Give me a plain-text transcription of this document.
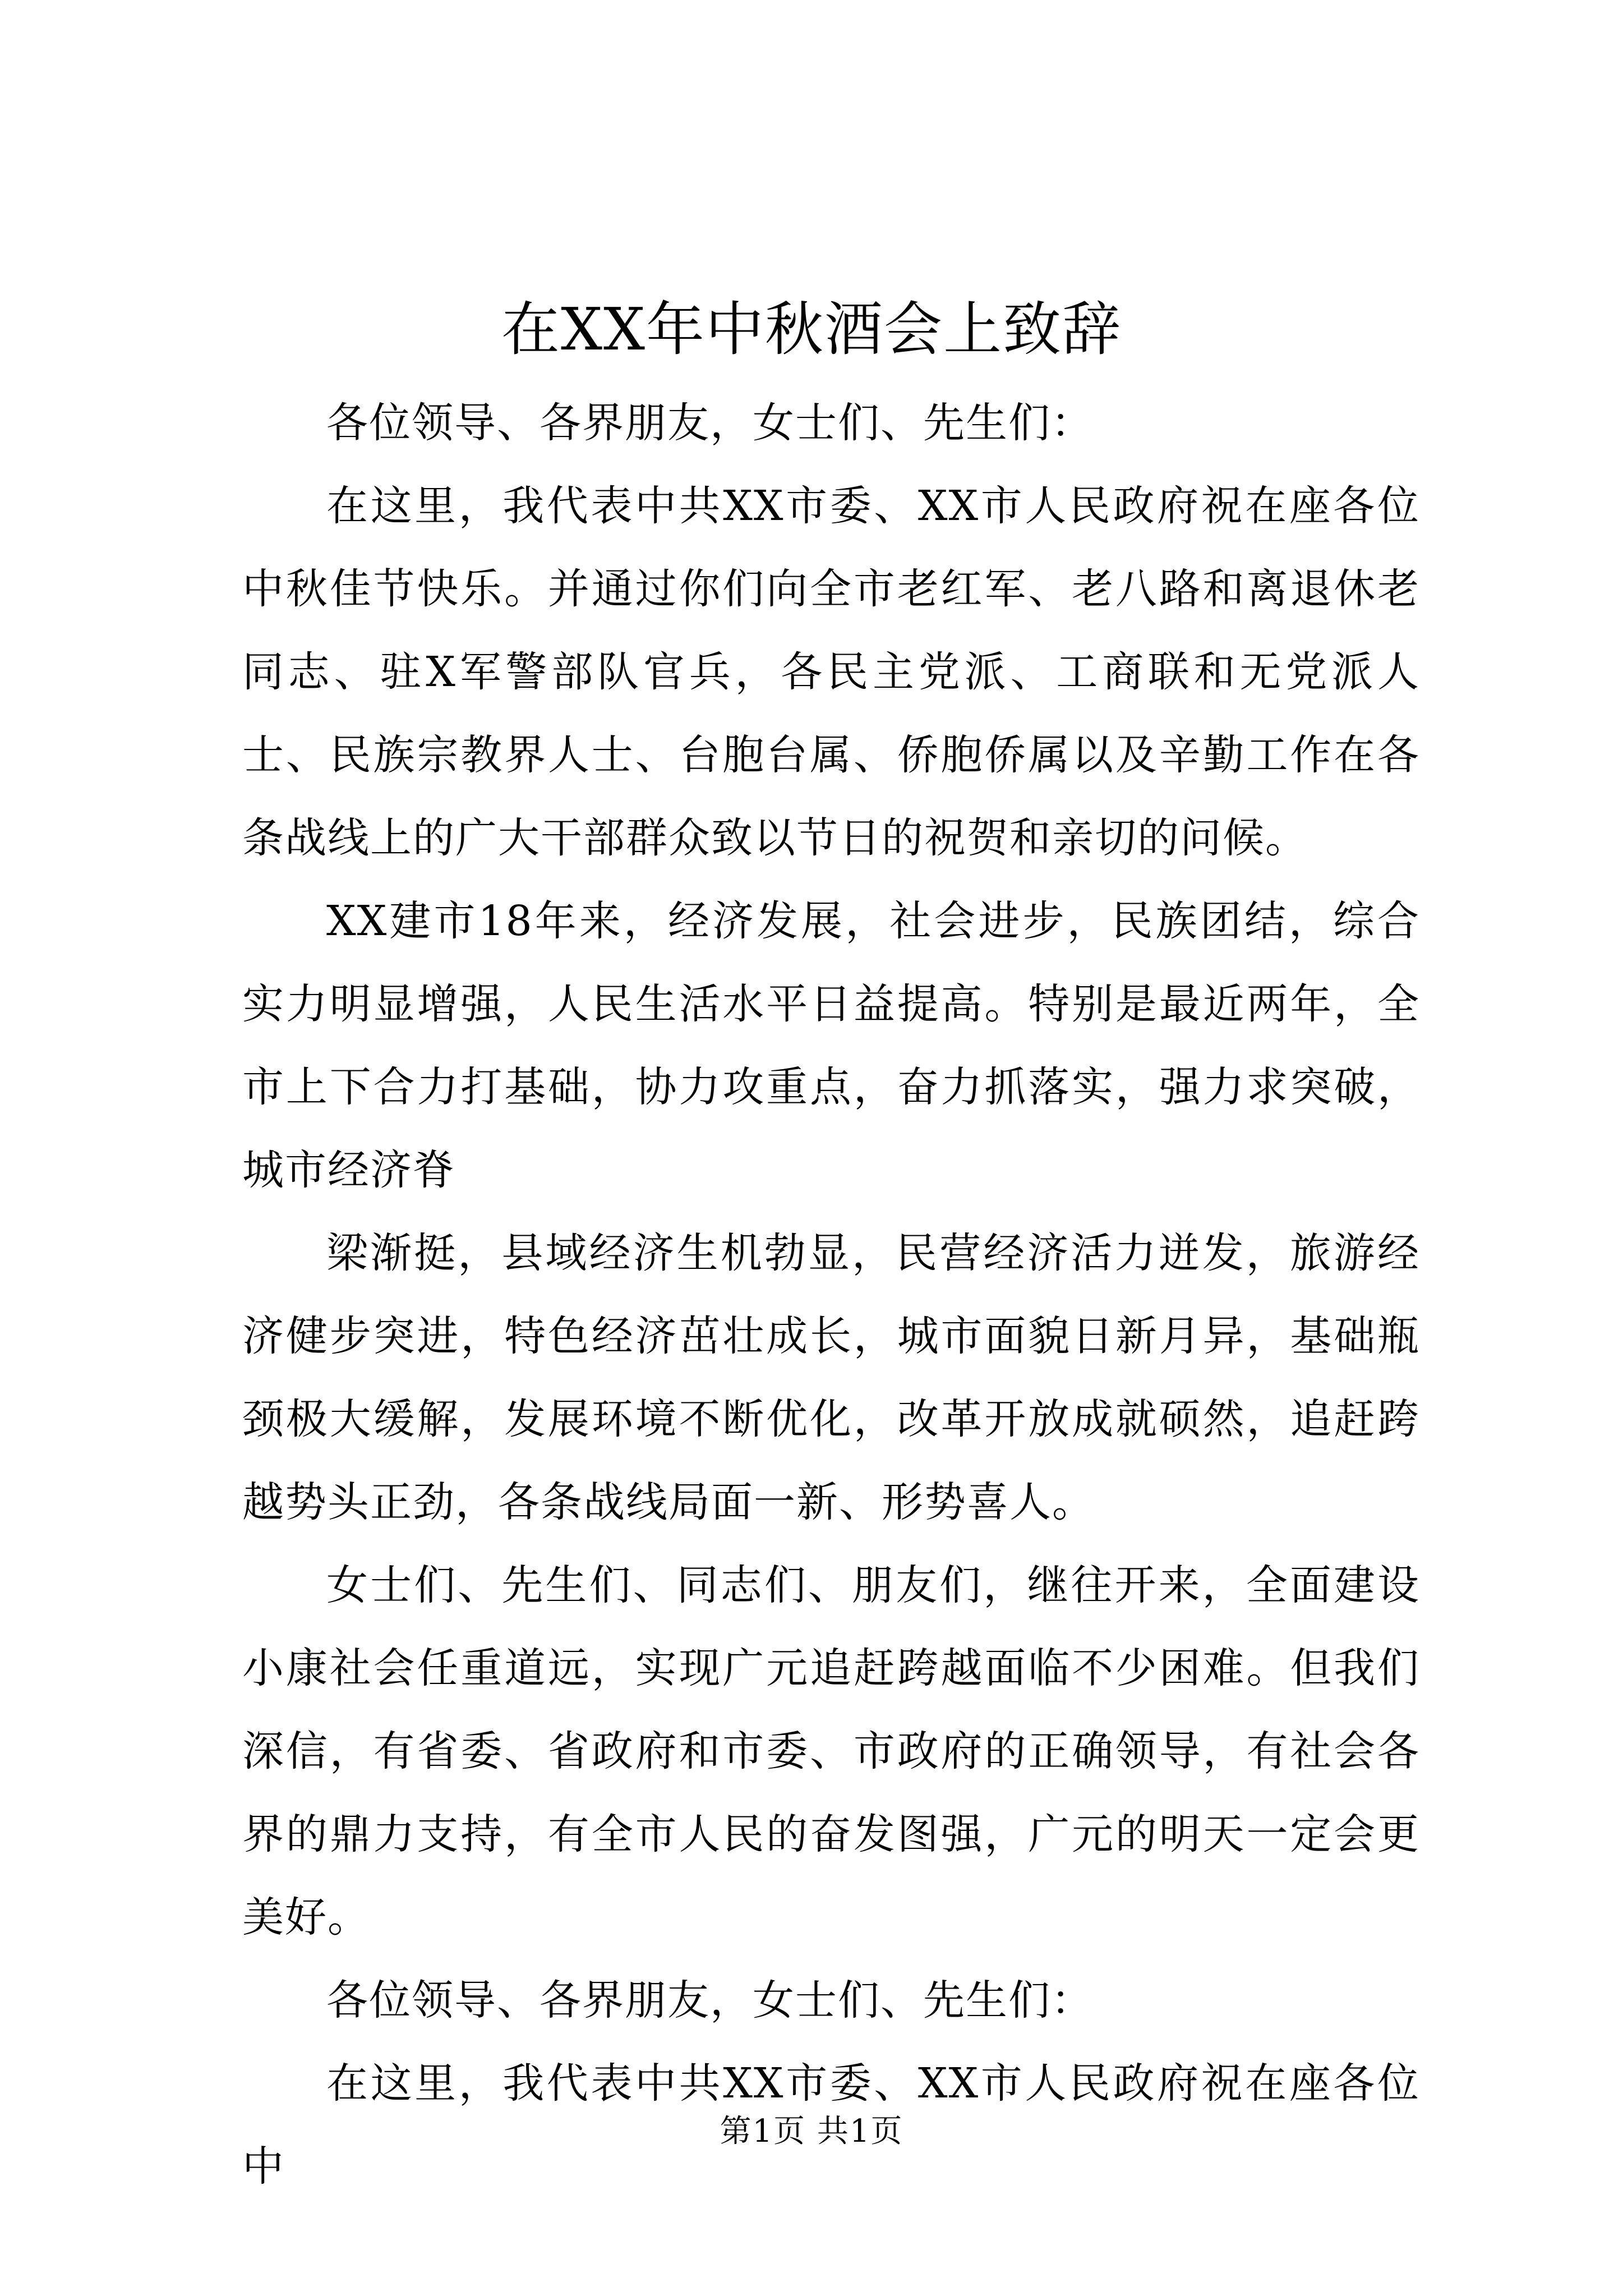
在XX年中秋酒会上致辞

各位领导、各界朋友，女士们、先生们：

在这里，我代表中共XX市委、XX市人民政府祝在座各位中秋佳节快乐。并通过你们向全市老红军、老八路和离退休老同志、驻X军警部队官兵，各民主党派、工商联和无党派人士、民族宗教界人士、台胞台属、侨胞侨属以及辛勤工作在各条战线上的广大干部群众致以节日的祝贺和亲切的问候。

XX建市18年来，经济发展，社会进步，民族团结，综合实力明显增强，人民生活水平日益提高。特别是最近两年，全市上下合力打基础，协力攻重点，奋力抓落实，强力求突破，城市经济脊

梁渐挺，县域经济生机勃显，民营经济活力迸发，旅游经济健步突进，特色经济茁壮成长，城市面貌日新月异，基础瓶颈极大缓解，发展环境不断优化，改革开放成就硕然，追赶跨越势头正劲，各条战线局面一新、形势喜人。

女士们、先生们、同志们、朋友们，继往开来，全面建设小康社会任重道远，实现广元追赶跨越面临不少困难。但我们深信，有省委、省政府和市委、市政府的正确领导，有社会各界的鼎力支持，有全市人民的奋发图强，广元的明天一定会更美好。

各位领导、各界朋友，女士们、先生们：

在这里，我代表中共XX市委、XX市人民政府祝在座各位中

第1页 共1页
